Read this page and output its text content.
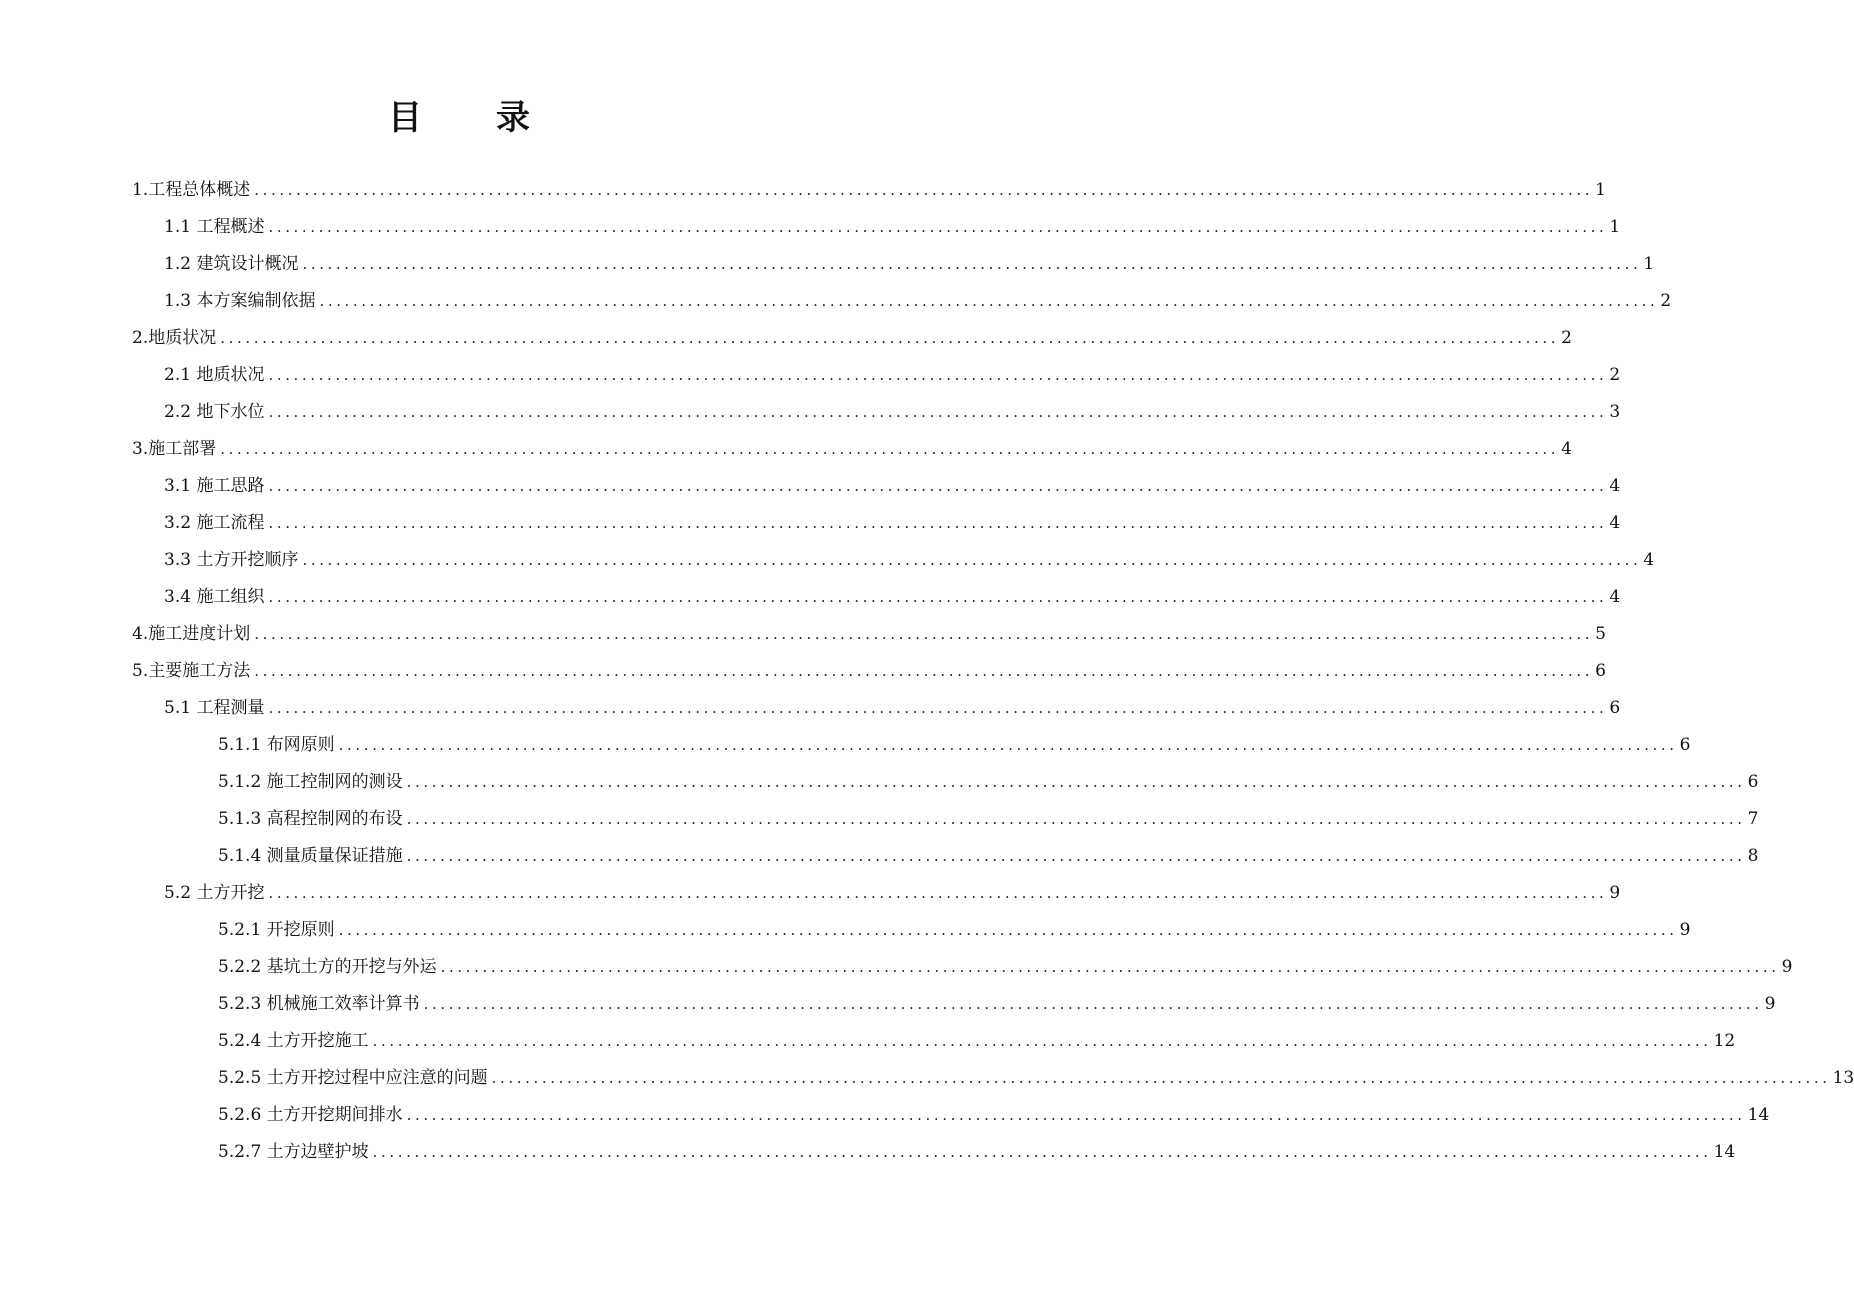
目 录
1.工程总体概述 ................................................................................................................................................................ 1
1.1 工程概述 ................................................................................................................................................................ 1
1.2 建筑设计概况 ................................................................................................................................................................ 1
1.3 本方案编制依据 ................................................................................................................................................................ 2
2.地质状况 ................................................................................................................................................................ 2
2.1 地质状况 ................................................................................................................................................................ 2
2.2 地下水位 ................................................................................................................................................................ 3
3.施工部署 ................................................................................................................................................................ 4
3.1 施工思路 ................................................................................................................................................................ 4
3.2 施工流程 ................................................................................................................................................................ 4
3.3 土方开挖顺序 ................................................................................................................................................................ 4
3.4 施工组织 ................................................................................................................................................................ 4
4.施工进度计划 ................................................................................................................................................................ 5
5.主要施工方法 ................................................................................................................................................................ 6
5.1 工程测量 ................................................................................................................................................................ 6
5.1.1 布网原则 ................................................................................................................................................................ 6
5.1.2 施工控制网的测设 ................................................................................................................................................................ 6
5.1.3 高程控制网的布设 ................................................................................................................................................................ 7
5.1.4 测量质量保证措施 ................................................................................................................................................................ 8
5.2 土方开挖 ................................................................................................................................................................ 9
5.2.1 开挖原则 ................................................................................................................................................................ 9
5.2.2 基坑土方的开挖与外运 ................................................................................................................................................................ 9
5.2.3 机械施工效率计算书 ................................................................................................................................................................ 9
5.2.4 土方开挖施工 ................................................................................................................................................................ 12
5.2.5 土方开挖过程中应注意的问题 ................................................................................................................................................................ 13
5.2.6 土方开挖期间排水 ................................................................................................................................................................ 14
5.2.7 土方边壁护坡 ................................................................................................................................................................ 14
